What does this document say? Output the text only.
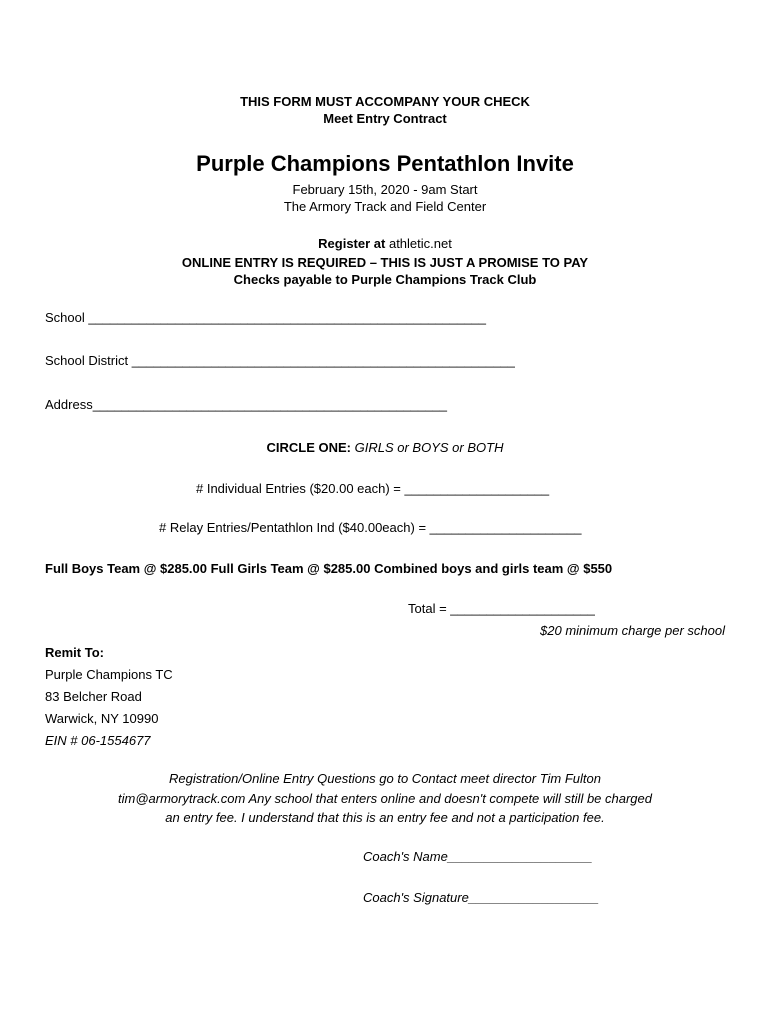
THIS FORM MUST ACCOMPANY YOUR CHECK
Meet Entry Contract
Purple Champions Pentathlon Invite
February 15th, 2020 - 9am Start
The Armory Track and Field Center
Register at athletic.net
ONLINE ENTRY IS REQUIRED – THIS IS JUST A PROMISE TO PAY
Checks payable to Purple Champions Track Club
School _______________________________________________________
School District _____________________________________________________
Address_________________________________________________
CIRCLE ONE: GIRLS or BOYS or BOTH
# Individual Entries ($20.00 each) = ____________________
# Relay Entries/Pentathlon Ind ($40.00each) = _____________________
Full Boys Team @ $285.00 Full Girls Team @ $285.00 Combined boys and girls team @ $550
Total = ____________________
$20 minimum charge per school
Remit To:
Purple Champions TC
83 Belcher Road
Warwick, NY 10990
EIN # 06-1554677
Registration/Online Entry Questions go to Contact meet director Tim Fulton
tim@armorytrack.com Any school that enters online and doesn't compete will still be charged
an entry fee. I understand that this is an entry fee and not a participation fee.
Coach's Name____________________
Coach's Signature__________________
